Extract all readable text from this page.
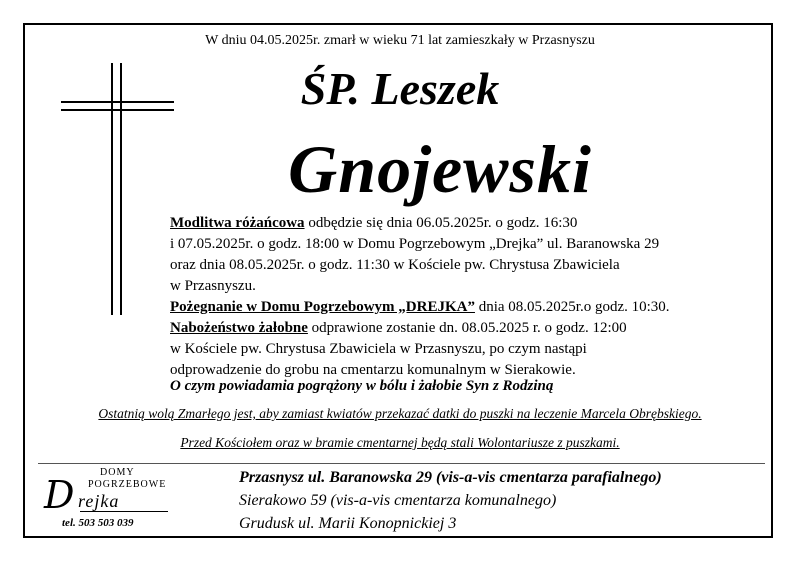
W dniu 04.05.2025r. zmarł w wieku 71 lat zamieszkały w Przasnyszu
ŚP. Leszek
Gnojewski

Modlitwa różańcowa odbędzie się dnia 06.05.2025r. o godz. 16:30

i 07.05.2025r. o godz. 18:00 w Domu Pogrzebowym „Drejka” ul. Baranowska 29

oraz dnia 08.05.2025r. o godz. 11:30 w Kościele pw. Chrystusa Zbawiciela

w Przasnyszu.

Pożegnanie w Domu Pogrzebowym „DREJKA” dnia 08.05.2025r.o godz. 10:30.

Nabożeństwo żałobne odprawione zostanie dn. 08.05.2025 r. o godz. 12:00

w Kościele pw. Chrystusa Zbawiciela w Przasnyszu, po czym nastąpi

odprowadzenie do grobu na cmentarzu komunalnym w Sierakowie.

O czym powiadamia pogrążony w bólu i żałobie Syn z Rodziną
Ostatnią wolą Zmarłego jest, aby zamiast kwiatów przekazać datki do puszki na leczenie Marcela Obrębskiego.
Przed Kościołem oraz w bramie cmentarnej będą stali Wolontariusze z puszkami.
DOMY
POGRZEBOWE
D rejka
tel. 503 503 039
Przasnysz ul. Baranowska 29 (vis-a-vis cmentarza parafialnego)
Sierakowo 59 (vis-a-vis cmentarza komunalnego)
Grudusk ul. Marii Konopnickiej 3
